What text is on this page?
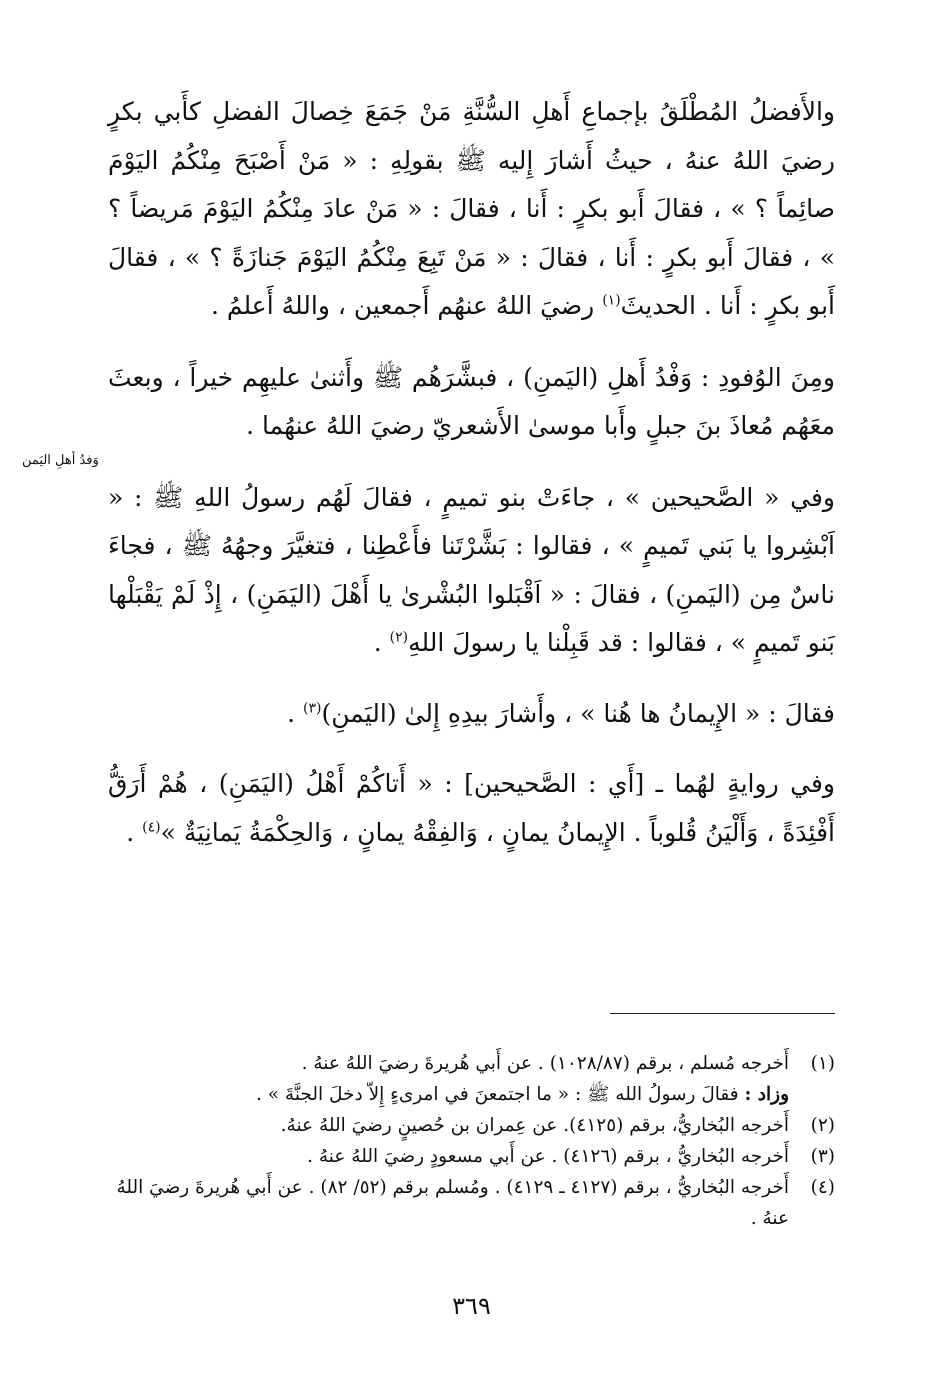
والأَفضلُ المُطْلَقُ بإجماعِ أَهلِ السُّنَّةِ مَنْ جَمَعَ خِصالَ الفضلِ كأَبي بكرٍ رضيَ اللهُ عنهُ ، حيثُ أَشارَ إِليه ﷺ بقولِهِ : « مَنْ أَصْبَحَ مِنْكُمُ اليَوْمَ صائِماً ؟ » ، فقالَ أَبو بكرٍ : أَنا ، فقالَ : « مَنْ عادَ مِنْكُمُ اليَوْمَ مَريضاً ؟ » ، فقالَ أَبو بكرٍ : أَنا ، فقالَ : « مَنْ تَبِعَ مِنْكُمُ اليَوْمَ جَنازَةً ؟ » ، فقالَ أَبو بكرٍ : أَنا . الحديثَ$^{(١)}$ رضيَ اللهُ عنهُم أَجمعين ، واللهُ أَعلمُ .

ومِنَ الوُفودِ : وَفْدُ أَهلِ (اليَمنِ) ، فبشَّرَهُم ﷺ وأَثنىٰ عليهِم خيراً ، وبعثَ معَهُم مُعاذَ بنَ جبلٍ وأَبا موسىٰ الأَشعريّ رضيَ اللهُ عنهُما .

وفي « الصَّحيحين » ، جاءَتْ بنو تميمٍ ، فقالَ لَهُم رسولُ اللهِ ﷺ : « اَبْشِروا يا بَني تَميمٍ » ، فقالوا : بَشَّرْتَنا فأَعْطِنا ، فتغيَّرَ وجهُهُ ﷺ ، فجاءَ ناسٌ مِن (اليَمنِ) ، فقالَ : « اَقْبَلوا البُشْرىٰ يا أَهْلَ (اليَمَنِ) ، إِذْ لَمْ يَقْبَلْها بَنو تَميمٍ » ، فقالوا : قد قَبِلْنا يا رسولَ اللهِ$^{(٢)}$ .

فقالَ : « الإِيمانُ ها هُنا » ، وأَشارَ بيدِهِ إِلىٰ (اليَمنِ)$^{(٣)}$ .

وفي روايةٍ لهُما ـ [أَي : الصَّحيحين] : « أَتاكُمْ أَهْلُ (اليَمَنِ) ، هُمْ أَرَقُّ أَفْئِدَةً ، وَأَلْيَنُ قُلوباً . الإِيمانُ يمانٍ ، وَالفِقْهُ يمانٍ ، وَالحِكْمَةُ يَمانِيَةٌ »$^{(٤)}$ .

وَفدُ أهلِ اليَمن
(١)
أَخرجه مُسلم ، برقم (١٠٢٨/٨٧) . عن أَبي هُريرةَ رضيَ اللهُ عنهُ .
وزاد : فقالَ رسولُ الله ﷺ : « ما اجتمعنَ في امرىءٍ إِلاّ دخلَ الجنَّةَ » .
(٢)
أَخرجه البُخاريُّ، برقم (٤١٢٥). عن عِمران بن حُصينٍ رضيَ اللهُ عنهُ.
(٣)
أَخرجه البُخاريُّ ، برقم (٤١٢٦) . عن أَبي مسعودٍ رضيَ اللهُ عنهُ .
(٤)
أَخرجه البُخاريُّ ، برقم (٤١٢٧ ـ ٤١٢٩) . ومُسلم برقم (٥٢/ ٨٢) . عن أَبي هُريرةَ رضيَ اللهُ عنهُ .
٣٦٩
